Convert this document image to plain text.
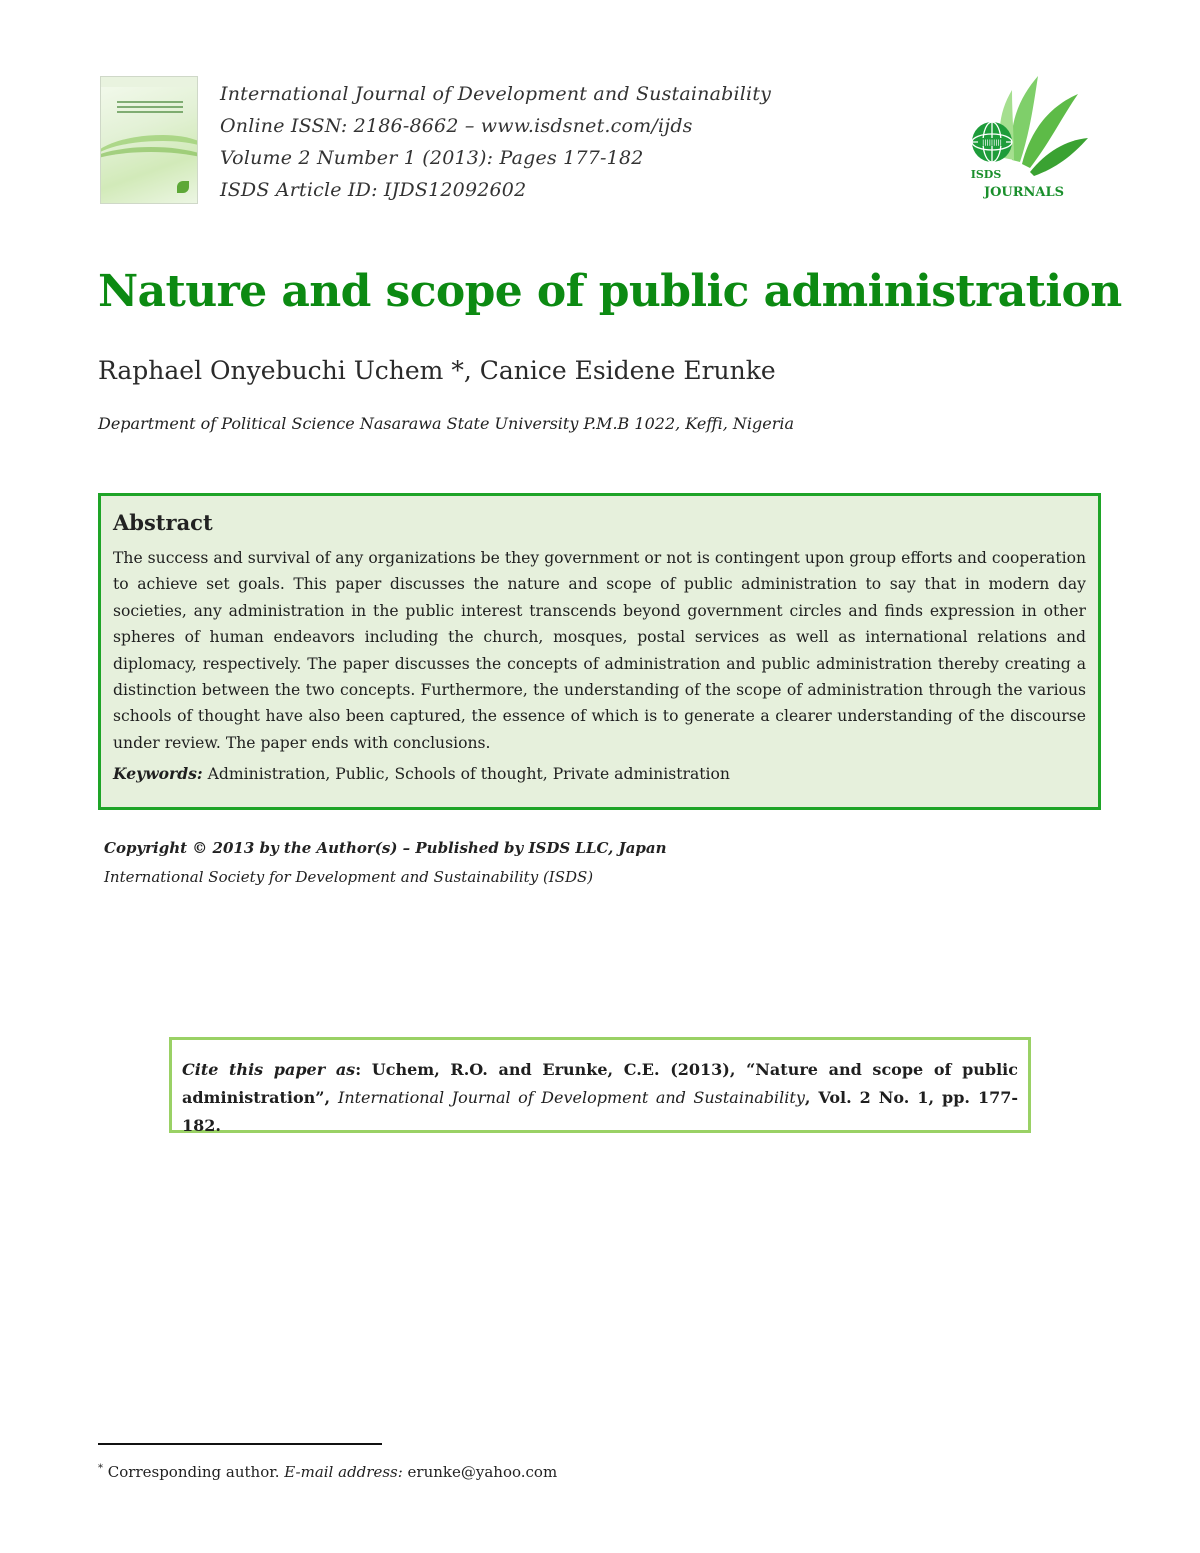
International Journal of Development and Sustainability
Online ISSN: 2186-8662 – www.isdsnet.com/ijds
Volume 2 Number 1 (2013): Pages 177-182
ISDS Article ID: IJDS12092602
|||||||||
ISDS
JOURNALS
Nature and scope of public administration
Raphael Onyebuchi Uchem *, Canice Esidene Erunke
Department of Political Science Nasarawa State University P.M.B 1022, Keffi, Nigeria
Abstract
The success and survival of any organizations be they government or not is contingent upon group efforts and cooperation to achieve set goals. This paper discusses the nature and scope of public administration to say that in modern day societies, any administration in the public interest transcends beyond government circles and finds expression in other spheres of human endeavors including the church, mosques, postal services as well as international relations and diplomacy, respectively. The paper discusses the concepts of administration and public administration thereby creating a distinction between the two concepts. Furthermore, the understanding of the scope of administration through the various schools of thought have also been captured, the essence of which is to generate a clearer understanding of the discourse under review. The paper ends with conclusions.
Keywords: Administration, Public, Schools of thought, Private administration
Copyright © 2013 by the Author(s) – Published by ISDS LLC, Japan
International Society for Development and Sustainability (ISDS)
Cite this paper as: Uchem, R.O. and Erunke, C.E. (2013), “Nature and scope of public administration”, International Journal of Development and Sustainability, Vol. 2 No. 1, pp. 177-182.
* Corresponding author. E-mail address: erunke@yahoo.com
